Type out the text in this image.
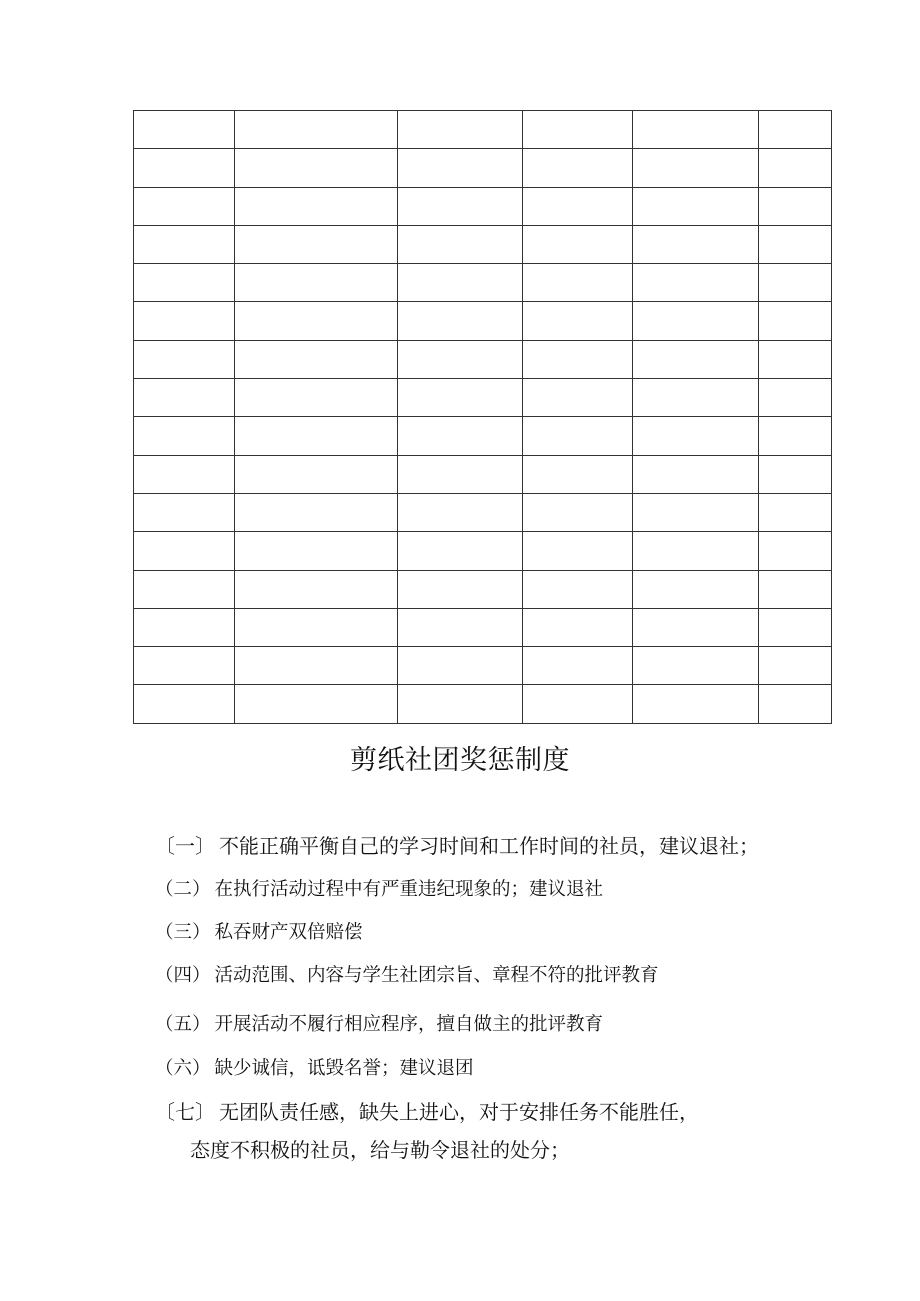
剪纸社团奖惩制度

〔一〕 不能正确平衡自己的学习时间和工作时间的社员，建议退社；

（二） 在执行活动过程中有严重违纪现象的；建议退社

（三） 私吞财产双倍赔偿

（四） 活动范围、内容与学生社团宗旨、章程不符的批评教育

（五） 开展活动不履行相应程序，擅自做主的批评教育

（六） 缺少诚信，诋毁名誉；建议退团

〔七〕 无团队责任感，缺失上进心，对于安排任务不能胜任，

态度不积极的社员，给与勒令退社的处分；
